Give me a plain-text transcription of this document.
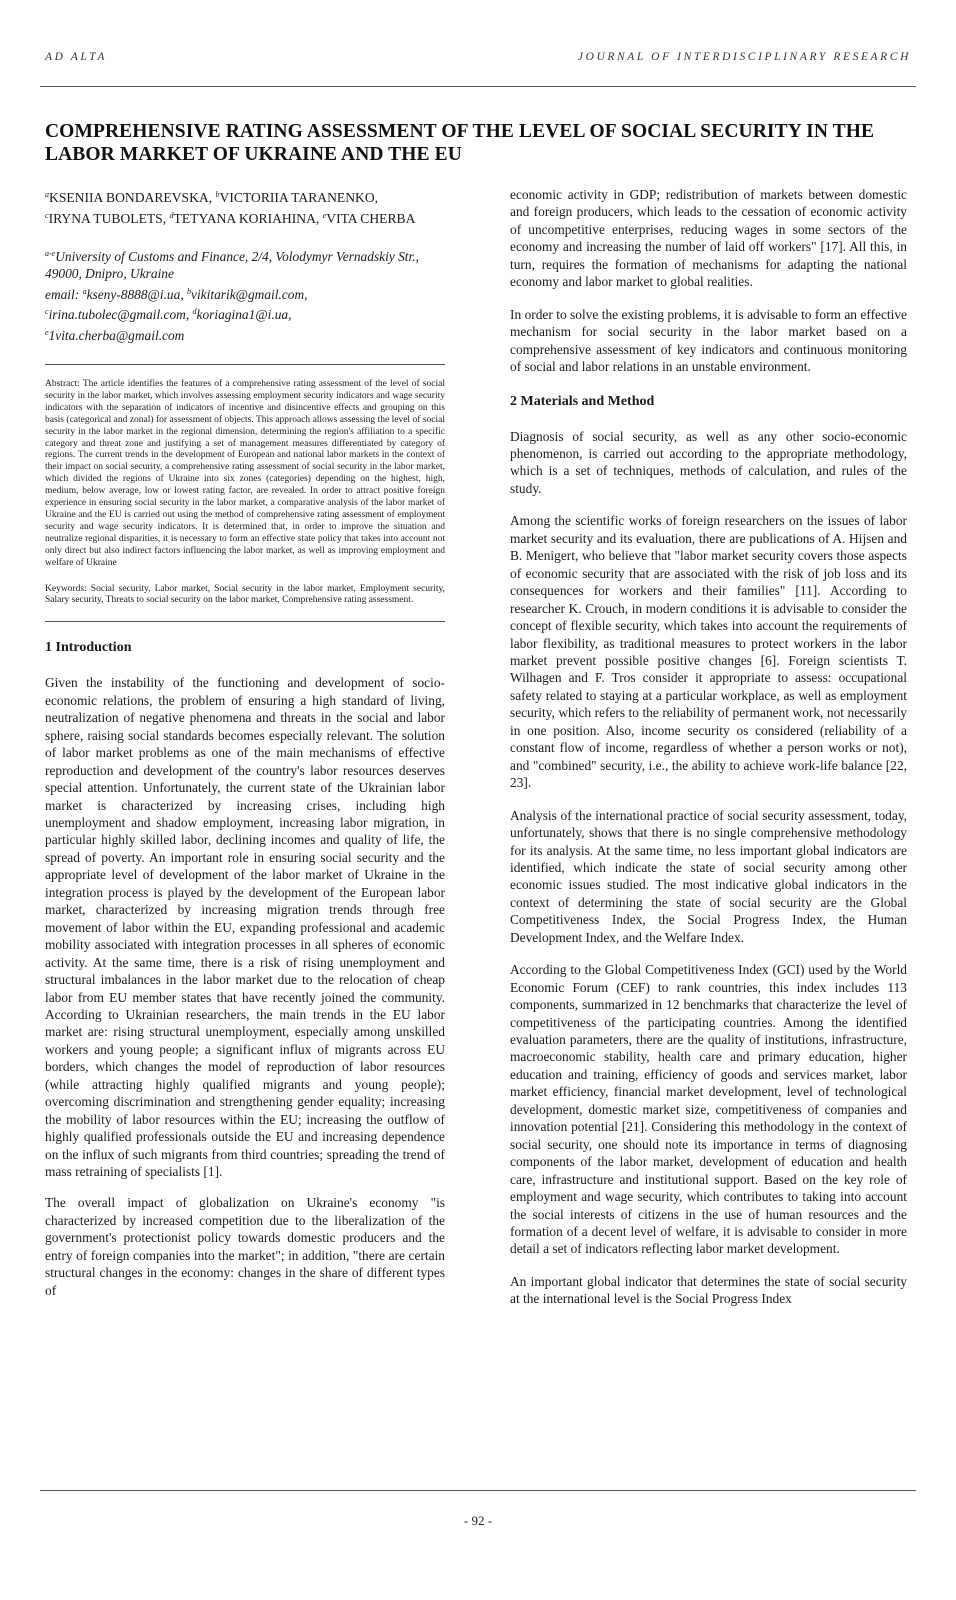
AD ALTA	JOURNAL OF INTERDISCIPLINARY RESEARCH
COMPREHENSIVE RATING ASSESSMENT OF THE LEVEL OF SOCIAL SECURITY IN THE LABOR MARKET OF UKRAINE AND THE EU

$^a$KSENIIA BONDAREVSKA, $^b$VICTORIIA TARANENKO,
$^c$IRYNA TUBOLETS, $^d$TETYANA KORIAHINA, $^e$VITA CHERBA

$^{a-e}$University of Customs and Finance, 2/4, Volodymyr Vernadskiy Str., 49000, Dnipro, Ukraine

email: $^a$kseny-8888@i.ua, $^b$vikitarik@gmail.com,
$^c$irina.tubolec@gmail.com, $^d$koriagina1@i.ua,
$^e$1vita.cherba@gmail.com

Abstract: The article identifies the features of a comprehensive rating assessment of the level of social security in the labor market, which involves assessing employment security indicators and wage security indicators with the separation of indicators of incentive and disincentive effects and grouping on this basis (categorical and zonal) for assessment of objects. This approach allows assessing the level of social security in the labor market in the regional dimension, determining the region's affiliation to a specific category and threat zone and justifying a set of management measures differentiated by category of regions. The current trends in the development of European and national labor markets in the context of their impact on social security, a comprehensive rating assessment of social security in the labor market, which divided the regions of Ukraine into six zones (categories) depending on the highest, high, medium, below average, low or lowest rating factor, are revealed. In order to attract positive foreign experience in ensuring social security in the labor market, a comparative analysis of the labor market of Ukraine and the EU is carried out using the method of comprehensive rating assessment of employment security and wage security indicators. It is determined that, in order to improve the situation and neutralize regional disparities, it is necessary to form an effective state policy that takes into account not only direct but also indirect factors influencing the labor market, as well as improving employment and welfare of Ukraine

Keywords: Social security, Labor market, Social security in the labor market, Employment security, Salary security, Threats to social security on the labor market, Comprehensive rating assessment.

1 Introduction

Given the instability of the functioning and development of socio-economic relations, the problem of ensuring a high standard of living, neutralization of negative phenomena and threats in the social and labor sphere, raising social standards becomes especially relevant. The solution of labor market problems as one of the main mechanisms of effective reproduction and development of the country's labor resources deserves special attention. Unfortunately, the current state of the Ukrainian labor market is characterized by increasing crises, including high unemployment and shadow employment, increasing labor migration, in particular highly skilled labor, declining incomes and quality of life, the spread of poverty. An important role in ensuring social security and the appropriate level of development of the labor market of Ukraine in the integration process is played by the development of the European labor market, characterized by increasing migration trends through free movement of labor within the EU, expanding professional and academic mobility associated with integration processes in all spheres of economic activity. At the same time, there is a risk of rising unemployment and structural imbalances in the labor market due to the relocation of cheap labor from EU member states that have recently joined the community. According to Ukrainian researchers, the main trends in the EU labor market are: rising structural unemployment, especially among unskilled workers and young people; a significant influx of migrants across EU borders, which changes the model of reproduction of labor resources (while attracting highly qualified migrants and young people); overcoming discrimination and strengthening gender equality; increasing the mobility of labor resources within the EU; increasing the outflow of highly qualified professionals outside the EU and increasing dependence on the influx of such migrants from third countries; spreading the trend of mass retraining of specialists [1].

The overall impact of globalization on Ukraine's economy "is characterized by increased competition due to the liberalization of the government's protectionist policy towards domestic producers and the entry of foreign companies into the market"; in addition, "there are certain structural changes in the economy: changes in the share of different types of

economic activity in GDP; redistribution of markets between domestic and foreign producers, which leads to the cessation of economic activity of uncompetitive enterprises, reducing wages in some sectors of the economy and increasing the number of laid off workers" [17]. All this, in turn, requires the formation of mechanisms for adapting the national economy and labor market to global realities.

In order to solve the existing problems, it is advisable to form an effective mechanism for social security in the labor market based on a comprehensive assessment of key indicators and continuous monitoring of social and labor relations in an unstable environment.

2 Materials and Method

Diagnosis of social security, as well as any other socio-economic phenomenon, is carried out according to the appropriate methodology, which is a set of techniques, methods of calculation, and rules of the study.

Among the scientific works of foreign researchers on the issues of labor market security and its evaluation, there are publications of A. Hijsen and B. Menigert, who believe that "labor market security covers those aspects of economic security that are associated with the risk of job loss and its consequences for workers and their families" [11]. According to researcher K. Crouch, in modern conditions it is advisable to consider the concept of flexible security, which takes into account the requirements of labor flexibility, as traditional measures to protect workers in the labor market prevent possible positive changes [6]. Foreign scientists T. Wilhagen and F. Tros consider it appropriate to assess: occupational safety related to staying at a particular workplace, as well as employment security, which refers to the reliability of permanent work, not necessarily in one position. Also, income security os considered (reliability of a constant flow of income, regardless of whether a person works or not), and "combined" security, i.e., the ability to achieve work-life balance [22, 23].

Analysis of the international practice of social security assessment, today, unfortunately, shows that there is no single comprehensive methodology for its analysis. At the same time, no less important global indicators are identified, which indicate the state of social security among other economic issues studied. The most indicative global indicators in the context of determining the state of social security are the Global Competitiveness Index, the Social Progress Index, the Human Development Index, and the Welfare Index.

According to the Global Competitiveness Index (GCI) used by the World Economic Forum (CEF) to rank countries, this index includes 113 components, summarized in 12 benchmarks that characterize the level of competitiveness of the participating countries. Among the identified evaluation parameters, there are the quality of institutions, infrastructure, macroeconomic stability, health care and primary education, higher education and training, efficiency of goods and services market, labor market efficiency, financial market development, level of technological development, domestic market size, competitiveness of companies and innovation potential [21]. Considering this methodology in the context of social security, one should note its importance in terms of diagnosing components of the labor market, development of education and health care, infrastructure and institutional support. Based on the key role of employment and wage security, which contributes to taking into account the social interests of citizens in the use of human resources and the formation of a decent level of welfare, it is advisable to consider in more detail a set of indicators reflecting labor market development.

An important global indicator that determines the state of social security at the international level is the Social Progress Index

- 92 -
